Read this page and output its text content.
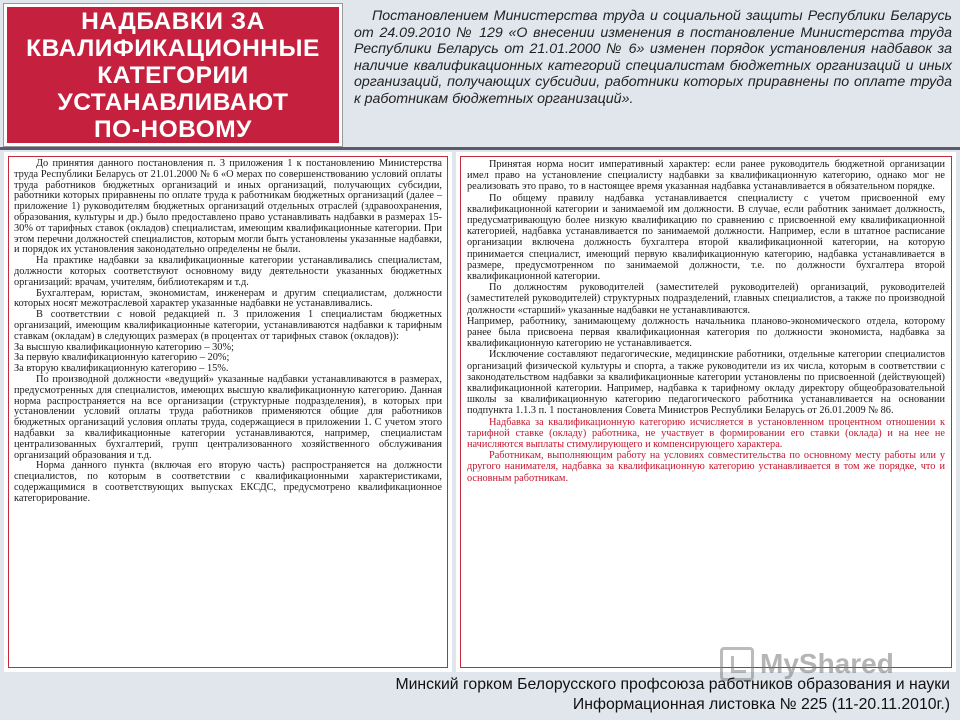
НАДБАВКИ ЗА
КВАЛИФИКАЦИОННЫЕ
КАТЕГОРИИ
УСТАНАВЛИВАЮТ
ПО-НОВОМУ
Постановлением Министерства труда и социальной защиты Республики Беларусь от 24.09.2010 № 129 «О внесении изменения в постановление Министерства труда Республики Беларусь от 21.01.2000 № 6» изменен порядок установления надбавок за наличие квалификационных категорий специалистам бюджетных организаций и иных организаций, получающих субсидии, работники которых приравнены по оплате труда к работникам бюджетных организаций».

До принятия данного постановления п. 3 приложения 1 к постановлению Министерства труда Республики Беларусь от 21.01.2000 № 6 «О мерах по совершенствованию условий оплаты труда работников бюджетных организаций и иных организаций, получающих субсидии, работники которых приравнены по оплате труда к работникам бюджетных организаций (далее – приложение 1) руководителям бюджетных организаций отдельных отраслей (здравоохранения, образования, культуры и др.) было предоставлено право устанавливать надбавки в размерах 15-30% от тарифных ставок (окладов) специалистам, имеющим квалификационные категории. При этом перечни должностей специалистов, которым могли быть установлены указанные надбавки, и порядок их установления законодательно определены не были.

На практике надбавки за квалификационные категории устанавливались специалистам, должности которых соответствуют основному виду деятельности указанных бюджетных организаций: врачам, учителям, библиотекарям и т.д.

Бухгалтерам, юристам, экономистам, инженерам и другим специалистам, должности которых носят межотраслевой характер указанные надбавки не устанавливались.

В соответствии с новой редакцией п. 3 приложения 1 специалистам бюджетных организаций, имеющим квалификационные категории, устанавливаются надбавки к тарифным ставкам (окладам) в следующих размерах (в процентах от тарифных ставок (окладов)):

За высшую квалификационную категорию – 30%;

За первую квалификационную категорию – 20%;

За вторую квалификационную категорию – 15%.

По производной должности «ведущий» указанные надбавки устанавливаются в размерах, предусмотренных для специалистов, имеющих высшую квалификационную категорию. Данная норма распространяется на все организации (структурные подразделения), в которых при установлении условий оплаты труда работников применяются общие для работников бюджетных организаций условия оплаты труда, содержащиеся в приложении 1. С учетом этого надбавки за квалификационные категории устанавливаются, например, специалистам централизованных бухгалтерий, групп централизованного хозяйственного обслуживания организаций образования и т.д.

Норма данного пункта (включая его вторую часть) распространяется на должности специалистов, по которым в соответствии с квалификационными характеристиками, содержащимися в соответствующих выпусках ЕКСДС, предусмотрено квалификационное категорирование.

Принятая норма носит императивный характер: если ранее руководитель бюджетной организации имел право на установление специалисту надбавки за квалификационную категорию, однако мог не реализовать это право, то в настоящее время указанная надбавка устанавливается в обязательном порядке.

По общему правилу надбавка устанавливается специалисту с учетом присвоенной ему квалификационной категории и занимаемой им должности. В случае, если работник занимает должность, предусматривающую более низкую квалификацию по сравнению с присвоенной ему квалификационной категорией, надбавка устанавливается по занимаемой должности. Например, если в штатное расписание организации включена должность бухгалтера второй квалификационной категории, на которую принимается специалист, имеющий первую квалификационную категорию, надбавка устанавливается в размере, предусмотренном по занимаемой должности, т.е. по должности бухгалтера второй квалификационной категории.

По должностям руководителей (заместителей руководителей) организаций, руководителей (заместителей руководителей) структурных подразделений, главных специалистов, а также по производной должности «старший» указанные надбавки не устанавливаются.

Например, работнику, занимающему должность начальника планово-экономического отдела, которому ранее была присвоена первая квалификационная категория по должности экономиста, надбавка за квалификационную категорию не устанавливается.

Исключение составляют педагогические, медицинские работники, отдельные категории специалистов организаций физической культуры и спорта, а также руководители из их числа, которым в соответствии с законодательством надбавки за квалификационные категории установлены по присвоенной (действующей) квалификационной категории. Например, надбавка к тарифному окладу директору общеобразовательной школы за квалификационную категорию педагогического работника устанавливается на основании подпункта 1.1.3 п. 1 постановления Совета Министров Республики Беларусь от 26.01.2009 № 86.

Надбавка за квалификационную категорию исчисляется в установленном процентном отношении к тарифной ставке (окладу) работника, не участвует в формировании его ставки (оклада) и на нее не начисляются выплаты стимулирующего и компенсирующего характера.

Работникам, выполняющим работу на условиях совместительства по основному месту работы или у другого нанимателя, надбавка за квалификационную категорию устанавливается в том же порядке, что и основным работникам.

MyShared
Минский горком Белорусского профсоюза работников образования и науки
Информационная листовка № 225 (11-20.11.2010г.)
